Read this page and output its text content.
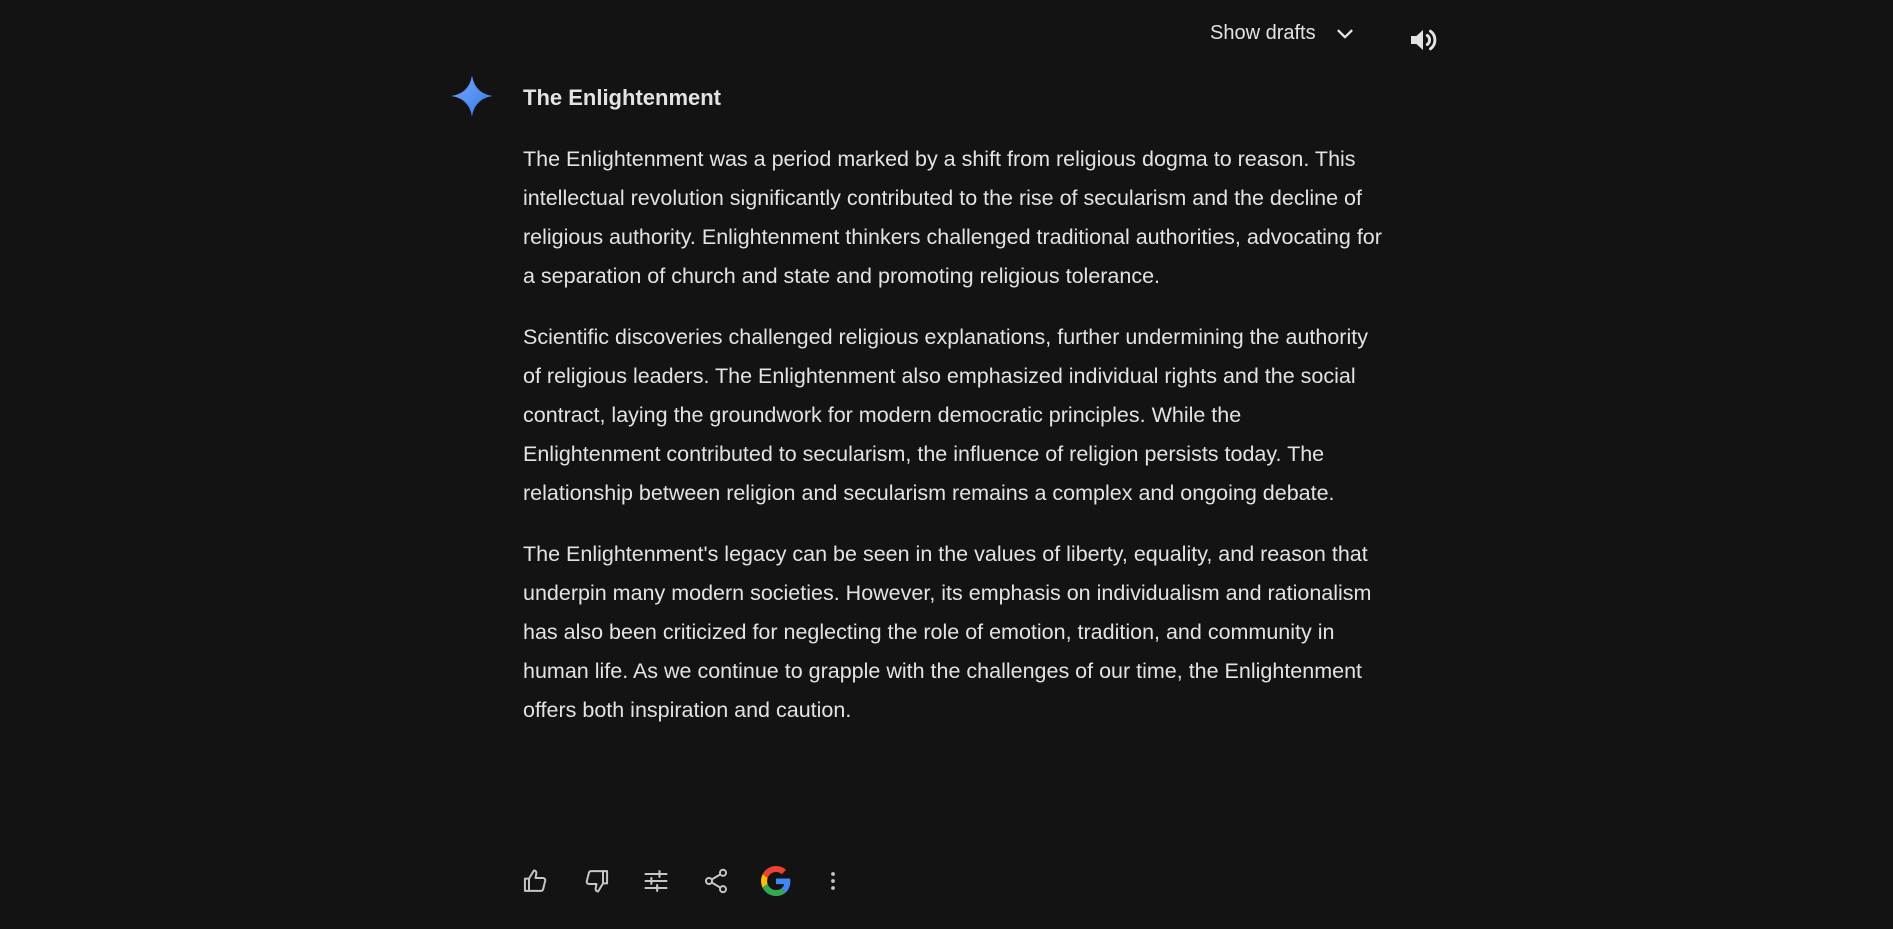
Show drafts
The Enlightenment

The Enlightenment was a period marked by a shift from religious dogma to reason. This intellectual revolution significantly contributed to the rise of secularism and the decline of religious authority. Enlightenment thinkers challenged traditional authorities, advocating for a separation of church and state and promoting religious tolerance.

Scientific discoveries challenged religious explanations, further undermining the authority of religious leaders. The Enlightenment also emphasized individual rights and the social contract, laying the groundwork for modern democratic principles. While the Enlightenment contributed to secularism, the influence of religion persists today. The relationship between religion and secularism remains a complex and ongoing debate.

The Enlightenment's legacy can be seen in the values of liberty, equality, and reason that underpin many modern societies. However, its emphasis on individualism and rationalism has also been criticized for neglecting the role of emotion, tradition, and community in human life. As we continue to grapple with the challenges of our time, the Enlightenment offers both inspiration and caution.
